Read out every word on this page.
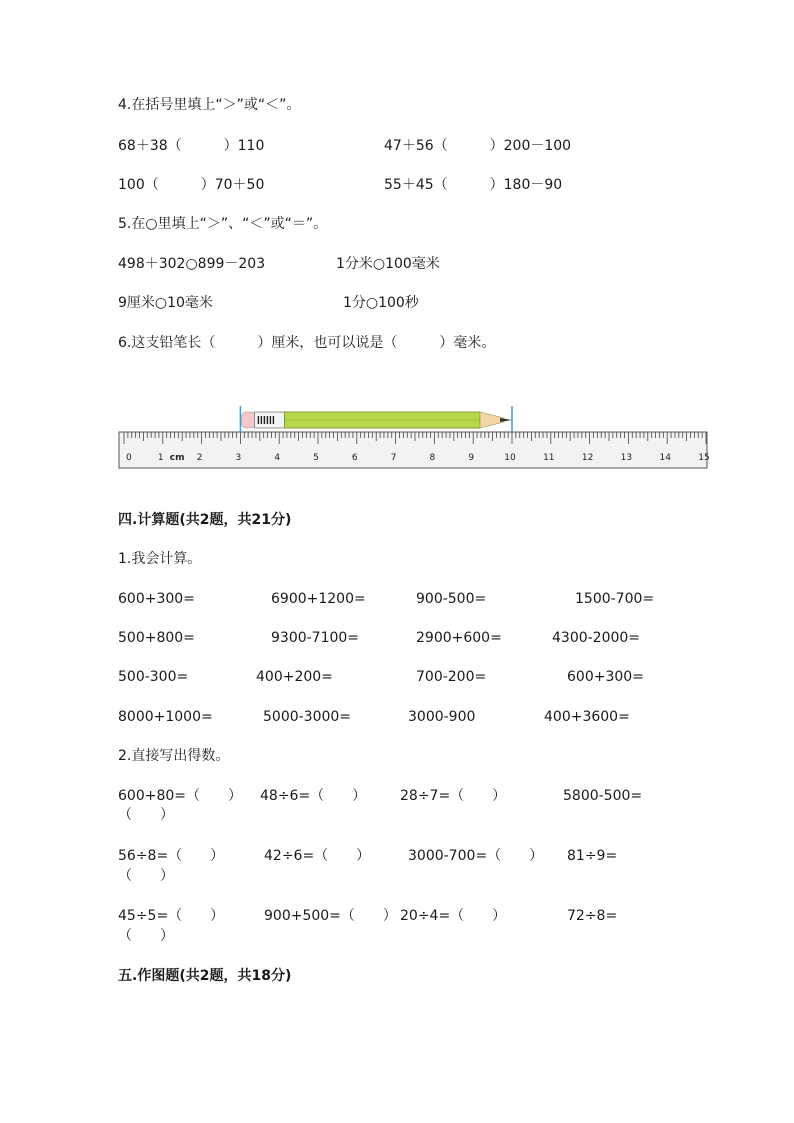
4.在括号里填上“＞”或“＜”。
68＋38（　　　）110	47＋56（　　　）200－100
100（　　　）70＋50	55＋45（　　　）180－90
5.在○里填上“＞”、“＜”或“＝”。
498＋302○899－203	1分米○100毫米
9厘米○10毫米	1分○100秒
6.这支铅笔长（　　　）厘米，也可以说是（　　　）毫米。
0	1	2	3	4	5	6	7	8	9	10	11	12	13	14	15
cm
四.计算题(共2题，共21分)
1.我会计算。
600+300=	6900+1200=	900-500=	1500-700=
500+800=	9300-7100=	2900+600=	4300-2000=
500-300=	400+200=	700-200=	600+300=
8000+1000=	5000-3000=	3000-900	400+3600=
2.直接写出得数。
600+80=（　　） 48÷6=（　　） 28÷7=（　　）	5800-500=
（　　）
56÷8=（　　）	42÷6=（　　）	3000-700=（　　） 81÷9=
（　　）
45÷5=（　　）	900+500=（　　） 20÷4=（　　）	72÷8=
（　　）
五.作图题(共2题，共18分)
